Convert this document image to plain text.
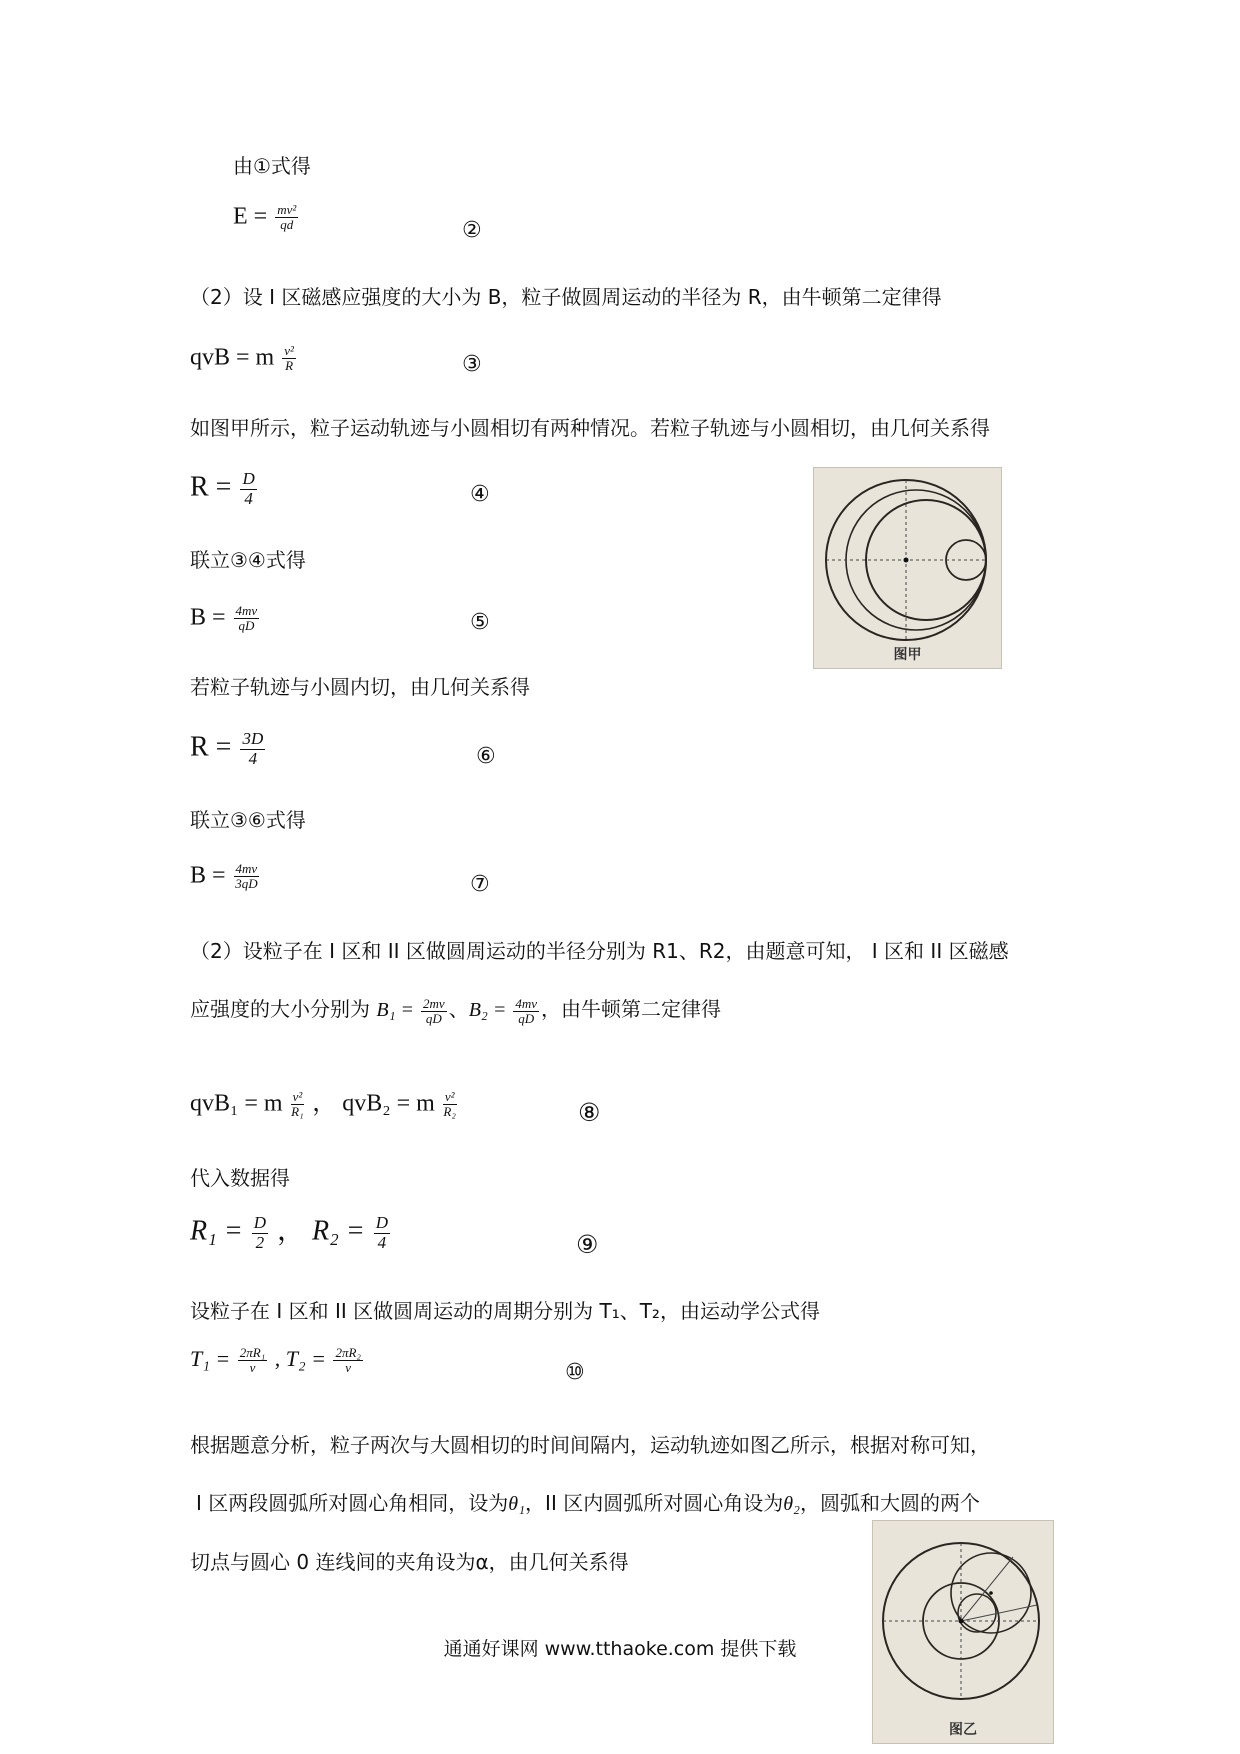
由①式得
$E = \frac{\text{mv²}}{qd}$	②
（2）设 I 区磁感应强度的大小为 B，粒子做圆周运动的半径为 R，由牛顿第二定律得
qvB = m $\frac{\text{v²}}{R}$	③
如图甲所示，粒子运动轨迹与小圆相切有两种情况。若粒子轨迹与小圆相切，由几何关系得
$R = \frac{D}{4}$	④
图甲
联立③④式得
$B = \frac{4mv}{qD}$	⑤
若粒子轨迹与小圆内切，由几何关系得
$R = \frac{3D}{4}$	⑥
联立③⑥式得
$B = \frac{4mv}{3qD}$	⑦
（2）设粒子在 I 区和 II 区做圆周运动的半径分别为 R1、R2，由题意可知， I 区和 II 区磁感
应强度的大小分别为 $B_1 = \frac{2mv}{qD}$ 、$B_2 = \frac{4mv}{qD}$ ，由牛顿第二定律得
qvB₁ = m $\frac{\text{v²}}{\text{R₁}}$ ， qvB₂ = m $\frac{\text{v²}}{\text{R₂}}$	⑧
代入数据得
$R_1 = \frac{D}{2}$ ， $R_2 = \frac{D}{4}$	⑨
设粒子在 I 区和 II 区做圆周运动的周期分别为 T₁、T₂，由运动学公式得
$T_1 = \frac{\text{2πR₁}}{v}$ , $T_2 = \frac{\text{2πR₂}}{v}$	⑩
根据题意分析，粒子两次与大圆相切的时间间隔内，运动轨迹如图乙所示，根据对称可知，
I 区两段圆弧所对圆心角相同，设为θ₁，II 区内圆弧所对圆心角设为θ₂，圆弧和大圆的两个
切点与圆心 0 连线间的夹角设为α，由几何关系得
图乙
通通好课网 www.tthaoke.com 提供下载
